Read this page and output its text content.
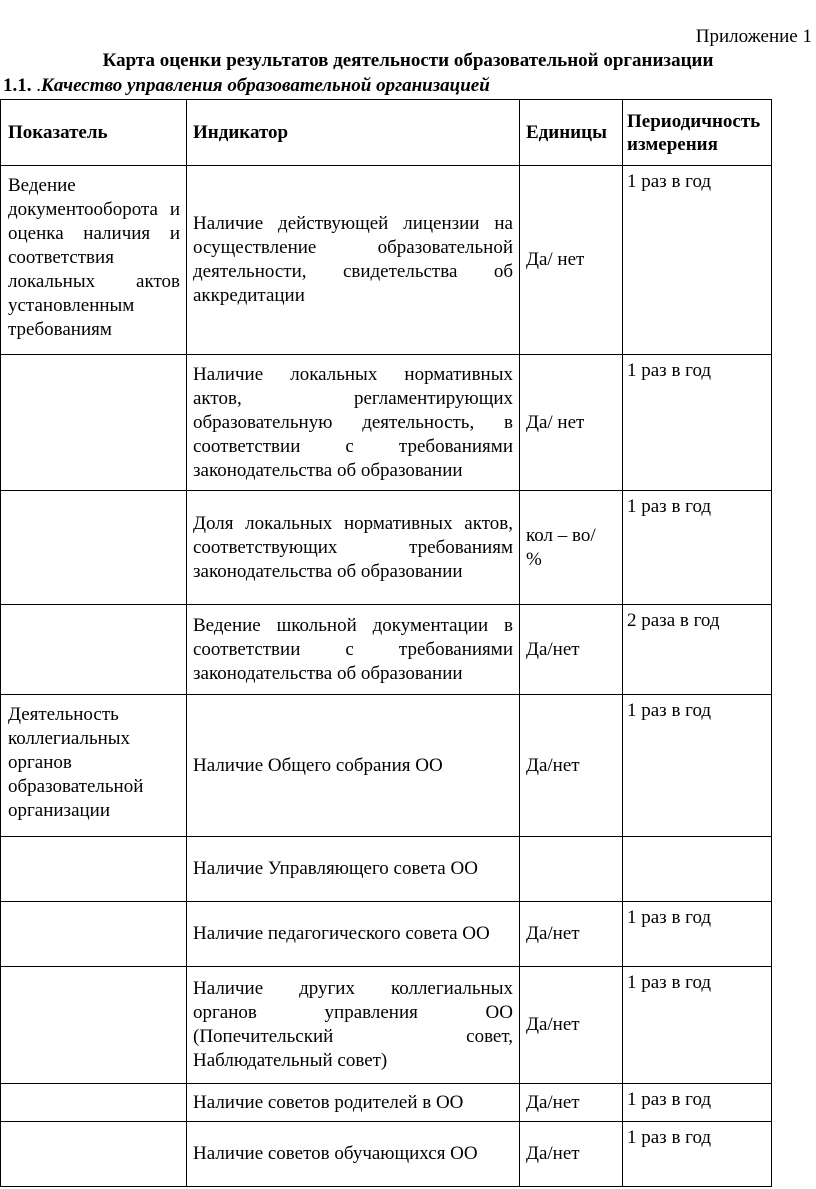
Приложение 1
Карта оценки результатов деятельности образовательной организации
1.1. .Качество управления образовательной организацией
Показатель	Индикатор	Единицы	Периодичность измерения
Ведение документооборота и оценка наличия и соответствия локальных актов установленным требованиям	Наличие действующей лицензии на осуществление образовательной деятельности, свидетельства об аккредитации	Да/ нет	1 раз в год
	Наличие локальных нормативных актов, регламентирующих образовательную деятельность, в соответствии с требованиями законодательства об образовании	Да/ нет	1 раз в год
	Доля локальных нормативных актов, соответствующих требованиям законодательства об образовании	кол – во/ %	1 раз в год
	Ведение школьной документации в соответствии с требованиями законодательства об образовании	Да/нет	2 раза в год
Деятельность коллегиальных органов образовательной организации	Наличие Общего собрания ОО	Да/нет	1 раз в год
	Наличие Управляющего совета ОО		
	Наличие педагогического совета ОО	Да/нет	1 раз в год
	Наличие других коллегиальных органов управления ОО (Попечительский совет, Наблюдательный совет)	Да/нет	1 раз в год
	Наличие советов родителей в ОО	Да/нет	1 раз в год
	Наличие советов обучающихся ОО	Да/нет	1 раз в год
